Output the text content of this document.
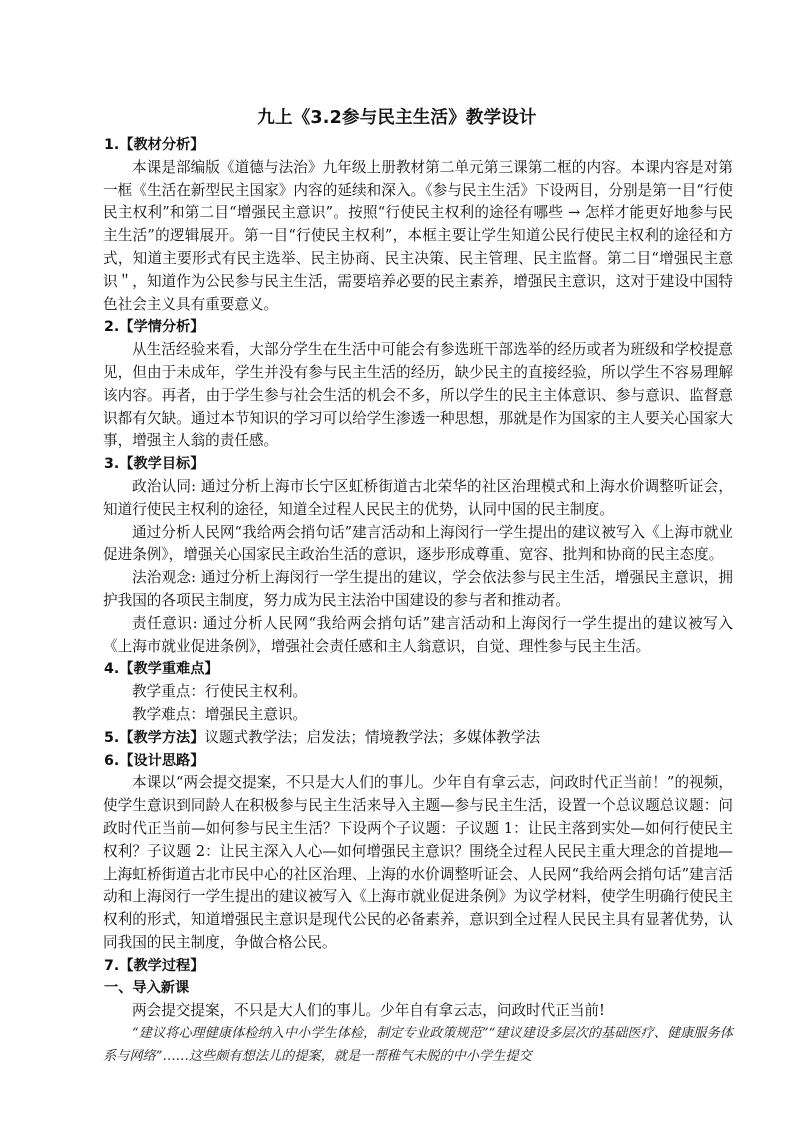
九上《3.2参与民主生活》教学设计
1.【教材分析】
本课是部编版《道德与法治》九年级上册教材第二单元第三课第二框的内容。本课内容是对第一框《生活在新型民主国家》内容的延续和深入。《参与民主生活》下设两目，分别是第一目“行使民主权利”和第二目“增强民主意识”。按照“行使民主权利的途径有哪些 → 怎样才能更好地参与民主生活”的逻辑展开。第一目“行使民主权利”，本框主要让学生知道公民行使民主权利的途径和方式，知道主要形式有民主选举、民主协商、民主决策、民主管理、民主监督。第二目“增强民主意识＂，知道作为公民参与民主生活，需要培养必要的民主素养，增强民主意识，这对于建设中国特色社会主义具有重要意义。
2.【学情分析】
从生活经验来看，大部分学生在生活中可能会有参选班干部选举的经历或者为班级和学校提意见，但由于未成年，学生并没有参与民主生活的经历，缺少民主的直接经验，所以学生不容易理解该内容。再者，由于学生参与社会生活的机会不多，所以学生的民主主体意识、参与意识、监督意识都有欠缺。通过本节知识的学习可以给学生渗透一种思想，那就是作为国家的主人要关心国家大事，增强主人翁的责任感。
3.【教学目标】
政治认同: 通过分析上海市长宁区虹桥街道古北荣华的社区治理模式和上海水价调整听证会，知道行使民主权利的途径，知道全过程人民民主的优势，认同中国的民主制度。
通过分析人民网“我给两会捎句话”建言活动和上海闵行一学生提出的建议被写入《上海市就业促进条例》，增强关心国家民主政治生活的意识，逐步形成尊重、宽容、批判和协商的民主态度。
法治观念: 通过分析上海闵行一学生提出的建议，学会依法参与民主生活，增强民主意识，拥护我国的各项民主制度，努力成为民主法治中国建设的参与者和推动者。
责任意识: 通过分析人民网“我给两会捎句话”建言活动和上海闵行一学生提出的建议被写入《上海市就业促进条例》，增强社会责任感和主人翁意识，自觉、理性参与民主生活。
4.【教学重难点】
教学重点：行使民主权利。
教学难点：增强民主意识。
5.【教学方法】议题式教学法；启发法；情境教学法；多媒体教学法
6.【设计思路】
本课以“两会提交提案，不只是大人们的事儿。少年自有拿云志，问政时代正当前！”的视频，使学生意识到同龄人在积极参与民主生活来导入主题—参与民主生活，设置一个总议题总议题：问政时代正当前—如何参与民主生活？下设两个子议题：子议题 1：让民主落到实处—如何行使民主权利？子议题 2：让民主深入人心—如何增强民主意识？围绕全过程人民民主重大理念的首提地—上海虹桥街道古北市民中心的社区治理、上海的水价调整听证会、人民网“我给两会捎句话”建言活动和上海闵行一学生提出的建议被写入《上海市就业促进条例》为议学材料，使学生明确行使民主权利的形式，知道增强民主意识是现代公民的必备素养，意识到全过程人民民主具有显著优势，认同我国的民主制度，争做合格公民。
7.【教学过程】
一、导入新课
两会提交提案，不只是大人们的事儿。少年自有拿云志，问政时代正当前!
“建议将心理健康体检纳入中小学生体检，制定专业政策规范”“建议建设多层次的基础医疗、健康服务体系与网络”……这些颇有想法儿的提案，就是一帮稚气未脱的中小学生提交
